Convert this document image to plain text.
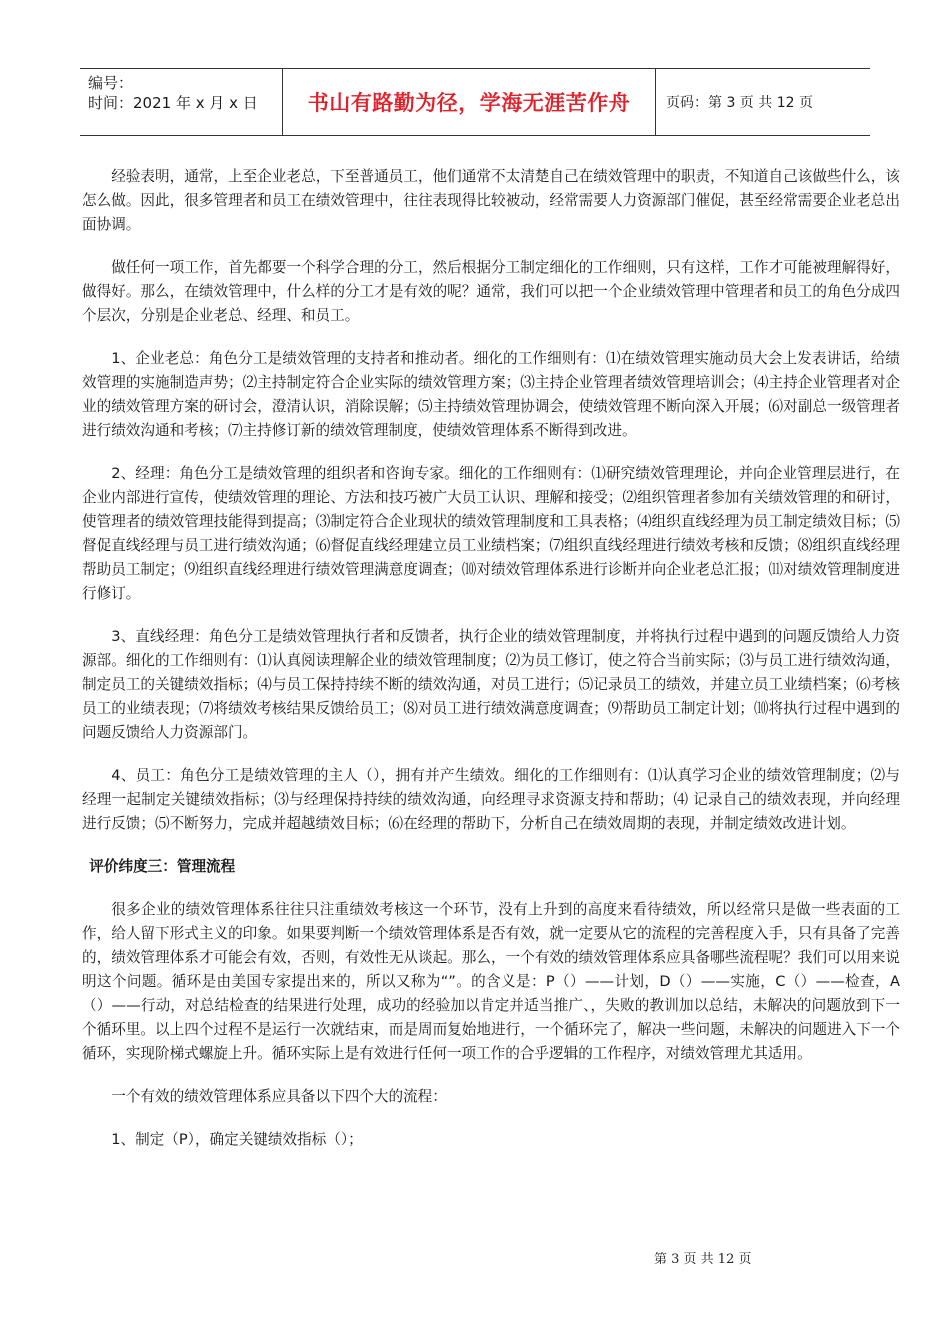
编号：
时间：2021 年 x 月 x 日	书山有路勤为径，学海无涯苦作舟	页码：第 3 页 共 12 页

经验表明，通常，上至企业老总，下至普通员工，他们通常不太清楚自己在绩效管理中的职责，不知道自己该做些什么，该怎么做。因此，很多管理者和员工在绩效管理中，往往表现得比较被动，经常需要人力资源部门催促，甚至经常需要企业老总出面协调。

做任何一项工作，首先都要一个科学合理的分工，然后根据分工制定细化的工作细则，只有这样，工作才可能被理解得好，做得好。那么，在绩效管理中，什么样的分工才是有效的呢？通常，我们可以把一个企业绩效管理中管理者和员工的角色分成四个层次，分别是企业老总、经理、和员工。

1、企业老总：角色分工是绩效管理的支持者和推动者。细化的工作细则有：⑴在绩效管理实施动员大会上发表讲话，给绩效管理的实施制造声势；⑵主持制定符合企业实际的绩效管理方案；⑶主持企业管理者绩效管理培训会；⑷主持企业管理者对企业的绩效管理方案的研讨会，澄清认识，消除误解；⑸主持绩效管理协调会，使绩效管理不断向深入开展；⑹对副总一级管理者进行绩效沟通和考核；⑺主持修订新的绩效管理制度，使绩效管理体系不断得到改进。

2、经理：角色分工是绩效管理的组织者和咨询专家。细化的工作细则有：⑴研究绩效管理理论，并向企业管理层进行，在企业内部进行宣传，使绩效管理的理论、方法和技巧被广大员工认识、理解和接受；⑵组织管理者参加有关绩效管理的和研讨，使管理者的绩效管理技能得到提高；⑶制定符合企业现状的绩效管理制度和工具表格；⑷组织直线经理为员工制定绩效目标；⑸督促直线经理与员工进行绩效沟通；⑹督促直线经理建立员工业绩档案；⑺组织直线经理进行绩效考核和反馈；⑻组织直线经理帮助员工制定；⑼组织直线经理进行绩效管理满意度调查；⑽对绩效管理体系进行诊断并向企业老总汇报；⑾对绩效管理制度进行修订。

3、直线经理：角色分工是绩效管理执行者和反馈者，执行企业的绩效管理制度，并将执行过程中遇到的问题反馈给人力资源部。细化的工作细则有：⑴认真阅读理解企业的绩效管理制度；⑵为员工修订，使之符合当前实际；⑶与员工进行绩效沟通，制定员工的关键绩效指标；⑷与员工保持持续不断的绩效沟通，对员工进行；⑸记录员工的绩效，并建立员工业绩档案；⑹考核员工的业绩表现；⑺将绩效考核结果反馈给员工；⑻对员工进行绩效满意度调查；⑼帮助员工制定计划；⑽将执行过程中遇到的问题反馈给人力资源部门。

4、员工：角色分工是绩效管理的主人（），拥有并产生绩效。细化的工作细则有：⑴认真学习企业的绩效管理制度；⑵与经理一起制定关键绩效指标；⑶与经理保持持续的绩效沟通，向经理寻求资源支持和帮助；⑷ 记录自己的绩效表现，并向经理进行反馈；⑸不断努力，完成并超越绩效目标；⑹在经理的帮助下，分析自己在绩效周期的表现，并制定绩效改进计划。

评价纬度三：管理流程

很多企业的绩效管理体系往往只注重绩效考核这一个环节，没有上升到的高度来看待绩效，所以经常只是做一些表面的工作，给人留下形式主义的印象。如果要判断一个绩效管理体系是否有效，就一定要从它的流程的完善程度入手，只有具备了完善的，绩效管理体系才可能会有效，否则，有效性无从谈起。那么，一个有效的绩效管理体系应具备哪些流程呢？我们可以用来说明这个问题。循环是由美国专家提出来的，所以又称为“”。的含义是：P（）——计划，D（）——实施，C（）——检查，A（）——行动，对总结检查的结果进行处理，成功的经验加以肯定并适当推广、，失败的教训加以总结，未解决的问题放到下一个循环里。以上四个过程不是运行一次就结束，而是周而复始地进行，一个循环完了，解决一些问题，未解决的问题进入下一个循环，实现阶梯式螺旋上升。循环实际上是有效进行任何一项工作的合乎逻辑的工作程序，对绩效管理尤其适用。

一个有效的绩效管理体系应具备以下四个大的流程：

1、制定（P），确定关键绩效指标（）；

第 3 页 共 12 页
